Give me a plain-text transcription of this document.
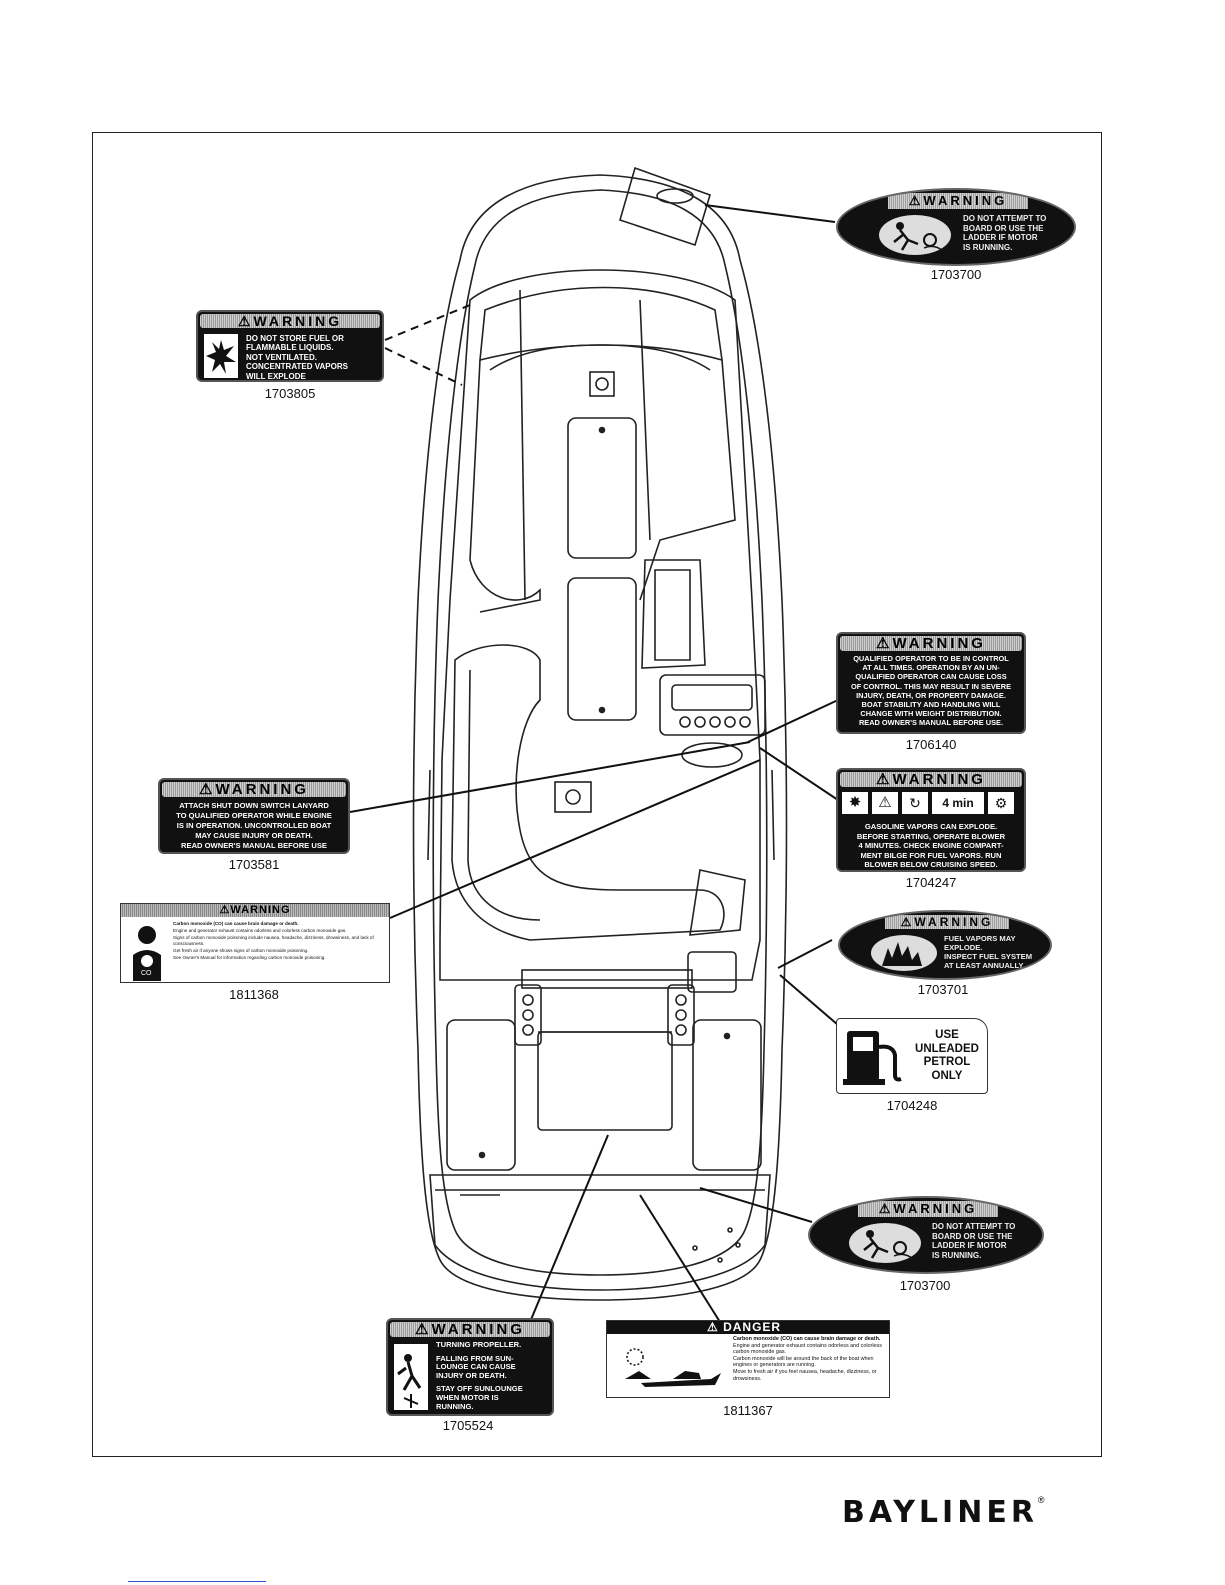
⚠WARNING
DO NOT ATTEMPT TO
BOARD OR USE THE
LADDER IF MOTOR
IS RUNNING.
1703700
⚠WARNING
DO NOT STORE FUEL OR
FLAMMABLE LIQUIDS.
NOT VENTILATED.
CONCENTRATED VAPORS
WILL EXPLODE
1703805
⚠WARNING
QUALIFIED OPERATOR TO BE IN CONTROL
AT ALL TIMES. OPERATION BY AN UN-
QUALIFIED OPERATOR CAN CAUSE LOSS
OF CONTROL. THIS MAY RESULT IN SEVERE
INJURY, DEATH, OR PROPERTY DAMAGE.
BOAT STABILITY AND HANDLING WILL
CHANGE WITH WEIGHT DISTRIBUTION.
READ OWNER'S MANUAL BEFORE USE.
1706140
⚠WARNING
ATTACH SHUT DOWN SWITCH LANYARD
TO QUALIFIED OPERATOR WHILE ENGINE
IS IN OPERATION. UNCONTROLLED BOAT
MAY CAUSE INJURY OR DEATH.
READ OWNER'S MANUAL BEFORE USE
1703581
⚠WARNING
✸	⚠	↻	4 min	⚙
GASOLINE VAPORS CAN EXPLODE.
BEFORE STARTING, OPERATE BLOWER
4 MINUTES. CHECK ENGINE COMPART-
MENT BILGE FOR FUEL VAPORS. RUN
BLOWER BELOW CRUISING SPEED.
1704247
⚠WARNING
CO
Carbon monoxide (CO) can cause brain damage or death.
Engine and generator exhaust contains odorless and colorless carbon monoxide gas.
Signs of carbon monoxide poisoning include nausea, headache, dizziness, drowsiness, and lack of consciousness.
Get fresh air if anyone shows signs of carbon monoxide poisoning.
See Owner's Manual for information regarding carbon monoxide poisoning.
1811368
⚠WARNING
FUEL VAPORS MAY
EXPLODE.
INSPECT FUEL SYSTEM
AT LEAST ANNUALLY.
1703701
USE
UNLEADED
PETROL
ONLY
1704248
⚠WARNING
DO NOT ATTEMPT TO
BOARD OR USE THE
LADDER IF MOTOR
IS RUNNING.
1703700
⚠WARNING
TURNING PROPELLER.
FALLING FROM SUN-
LOUNGE CAN CAUSE
INJURY OR DEATH.
STAY OFF SUNLOUNGE
WHEN MOTOR IS
RUNNING.
1705524
⚠ DANGER
Carbon monoxide (CO) can cause brain damage or death.
Engine and generator exhaust contains odorless and colorless carbon monoxide gas.
Carbon monoxide will be around the back of the boat when engines or generators are running.
Move to fresh air if you feel nausea, headache, dizziness, or drowsiness.
1811367
BAYLINER®
